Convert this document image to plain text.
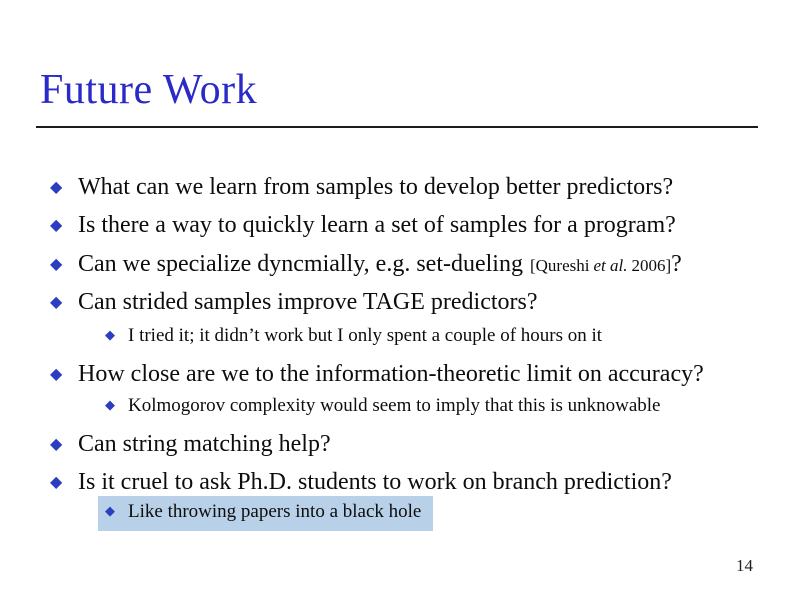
Future Work
◆ What can we learn from samples to develop better predictors?
◆ Is there a way to quickly learn a set of samples for a program?
◆ Can we specialize dyncmially, e.g. set-dueling [Qureshi et al. 2006] ?
◆ Can strided samples improve TAGE predictors?
◆ I tried it; it didn’t work but I only spent a couple of hours on it
◆ How close are we to the information-theoretic limit on accuracy?
◆ Kolmogorov complexity would seem to imply that this is unknowable
◆ Can string matching help?
◆ Is it cruel to ask Ph.D. students to work on branch prediction?
◆ Like throwing papers into a black hole
14
